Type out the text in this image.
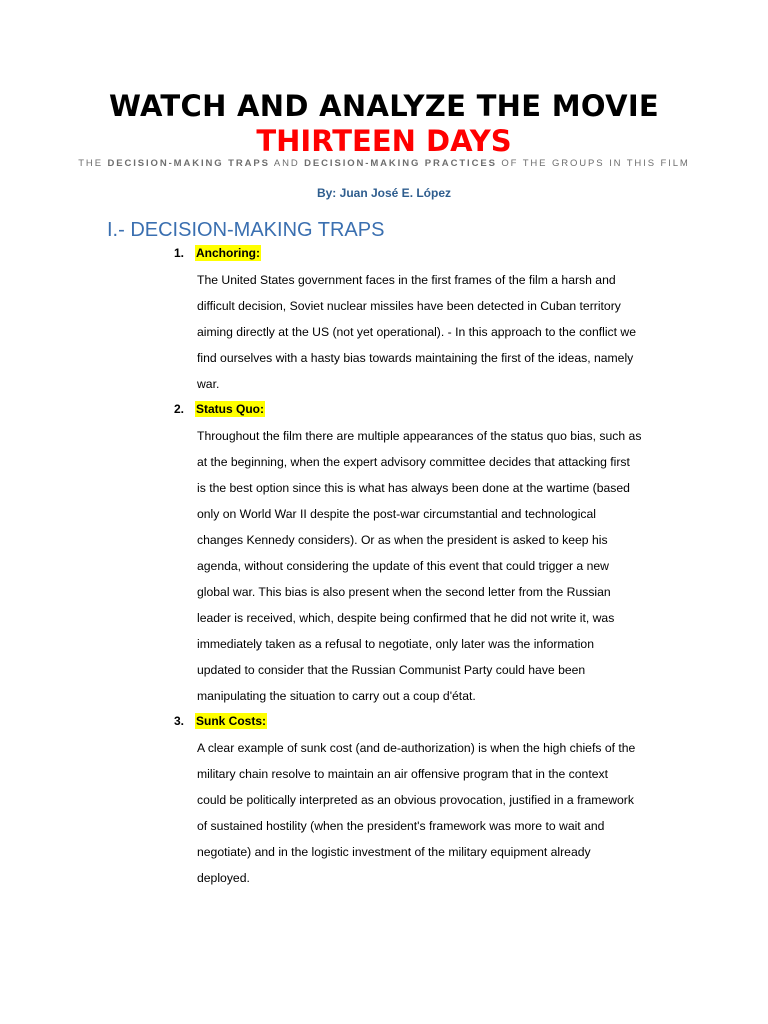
WATCH AND ANALYZE THE MOVIE
THIRTEEN DAYS
THE DECISION-MAKING TRAPS AND DECISION-MAKING PRACTICES OF THE GROUPS IN THIS FILM
By: Juan José E. López
I.- DECISION-MAKING TRAPS
1. Anchoring:
The United States government faces in the first frames of the film a harsh and
difficult decision, Soviet nuclear missiles have been detected in Cuban territory
aiming directly at the US (not yet operational). - In this approach to the conflict we
find ourselves with a hasty bias towards maintaining the first of the ideas, namely
war.
2. Status Quo:
Throughout the film there are multiple appearances of the status quo bias, such as
at the beginning, when the expert advisory committee decides that attacking first
is the best option since this is what has always been done at the wartime (based
only on World War II despite the post-war circumstantial and technological
changes Kennedy considers). Or as when the president is asked to keep his
agenda, without considering the update of this event that could trigger a new
global war. This bias is also present when the second letter from the Russian
leader is received, which, despite being confirmed that he did not write it, was
immediately taken as a refusal to negotiate, only later was the information
updated to consider that the Russian Communist Party could have been
manipulating the situation to carry out a coup d'état.
3. Sunk Costs:
A clear example of sunk cost (and de-authorization) is when the high chiefs of the
military chain resolve to maintain an air offensive program that in the context
could be politically interpreted as an obvious provocation, justified in a framework
of sustained hostility (when the president's framework was more to wait and
negotiate) and in the logistic investment of the military equipment already
deployed.
